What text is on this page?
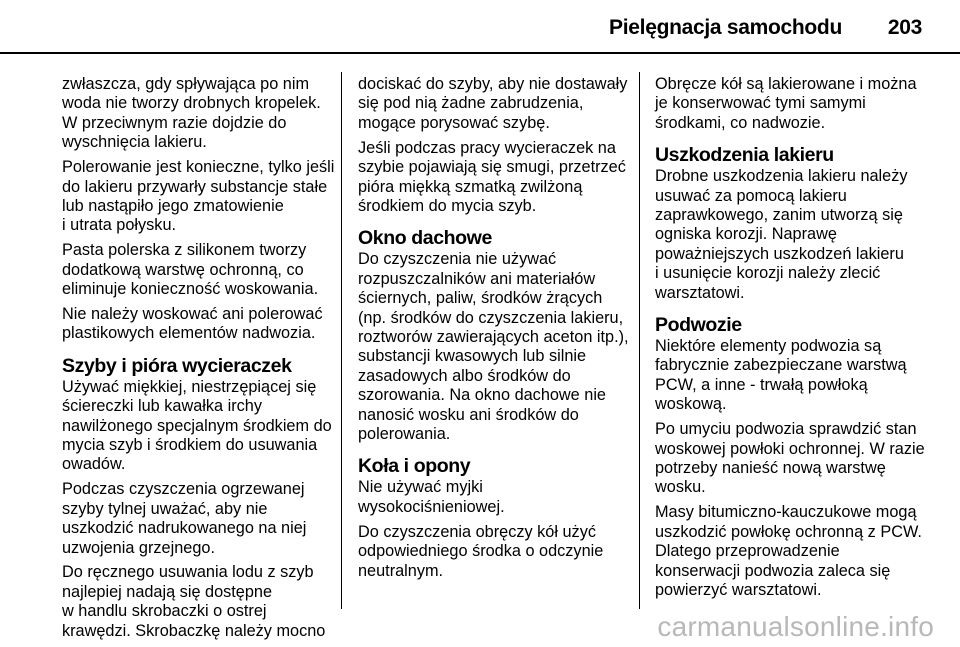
Pielęgnacja samochodu 203

zwłaszcza, gdy spływająca po nim
woda nie tworzy drobnych kropelek.
W przeciwnym razie dojdzie do
wyschnięcia lakieru.

Polerowanie jest konieczne, tylko jeśli
do lakieru przywarły substancje stałe
lub nastąpiło jego zmatowienie
i utrata połysku.

Pasta polerska z silikonem tworzy
dodatkową warstwę ochronną, co
eliminuje konieczność woskowania.

Nie należy woskować ani polerować
plastikowych elementów nadwozia.

Szyby i pióra wycieraczek

Używać miękkiej, niestrzępiącej się
ściereczki lub kawałka irchy
nawilżonego specjalnym środkiem do
mycia szyb i środkiem do usuwania
owadów.

Podczas czyszczenia ogrzewanej
szyby tylnej uważać, aby nie
uszkodzić nadrukowanego na niej
uzwojenia grzejnego.

Do ręcznego usuwania lodu z szyb
najlepiej nadają się dostępne
w handlu skrobaczki o ostrej
krawędzi. Skrobaczkę należy mocno

dociskać do szyby, aby nie dostawały
się pod nią żadne zabrudzenia,
mogące porysować szybę.

Jeśli podczas pracy wycieraczek na
szybie pojawiają się smugi, przetrzeć
pióra miękką szmatką zwilżoną
środkiem do mycia szyb.

Okno dachowe

Do czyszczenia nie używać
rozpuszczalników ani materiałów
ściernych, paliw, środków żrących
(np. środków do czyszczenia lakieru,
roztworów zawierających aceton itp.),
substancji kwasowych lub silnie
zasadowych albo środków do
szorowania. Na okno dachowe nie
nanosić wosku ani środków do
polerowania.

Koła i opony

Nie używać myjki
wysokociśnieniowej.

Do czyszczenia obręczy kół użyć
odpowiedniego środka o odczynie
neutralnym.

Obręcze kół są lakierowane i można
je konserwować tymi samymi
środkami, co nadwozie.

Uszkodzenia lakieru

Drobne uszkodzenia lakieru należy
usuwać za pomocą lakieru
zaprawkowego, zanim utworzą się
ogniska korozji. Naprawę
poważniejszych uszkodzeń lakieru
i usunięcie korozji należy zlecić
warsztatowi.

Podwozie

Niektóre elementy podwozia są
fabrycznie zabezpieczane warstwą
PCW, a inne - trwałą powłoką
woskową.

Po umyciu podwozia sprawdzić stan
woskowej powłoki ochronnej. W razie
potrzeby nanieść nową warstwę
wosku.

Masy bitumiczno-kauczukowe mogą
uszkodzić powłokę ochronną z PCW.
Dlatego przeprowadzenie
konserwacji podwozia zaleca się
powierzyć warsztatowi.

carmanualsonline.info
